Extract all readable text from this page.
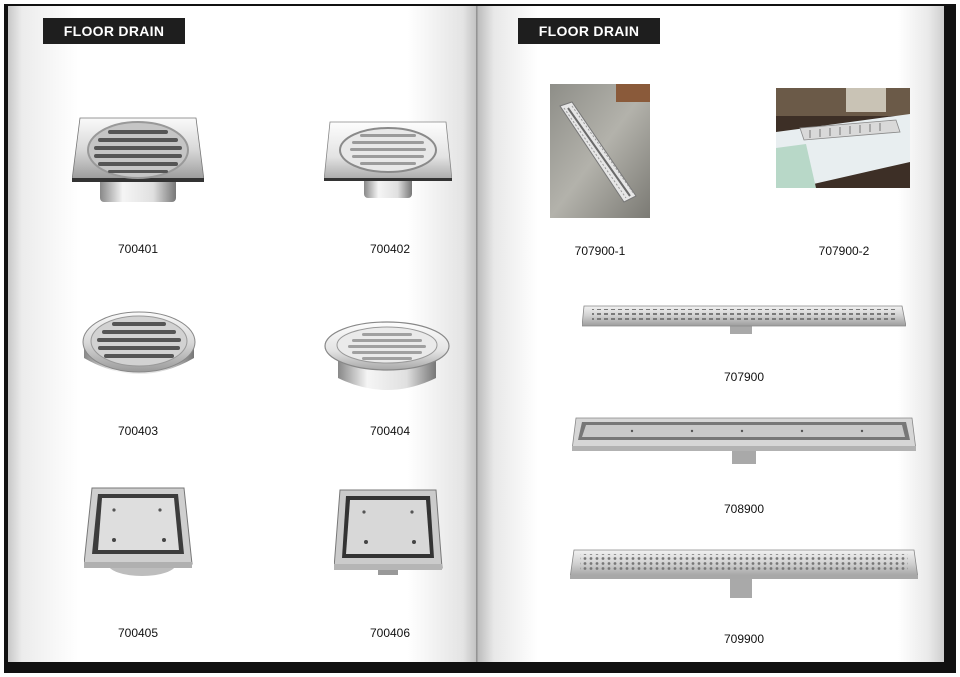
FLOOR DRAIN
700401	700402
700403	700404
700405	700406
FLOOR DRAIN
707900-1	707900-2
707900
708900
709900
